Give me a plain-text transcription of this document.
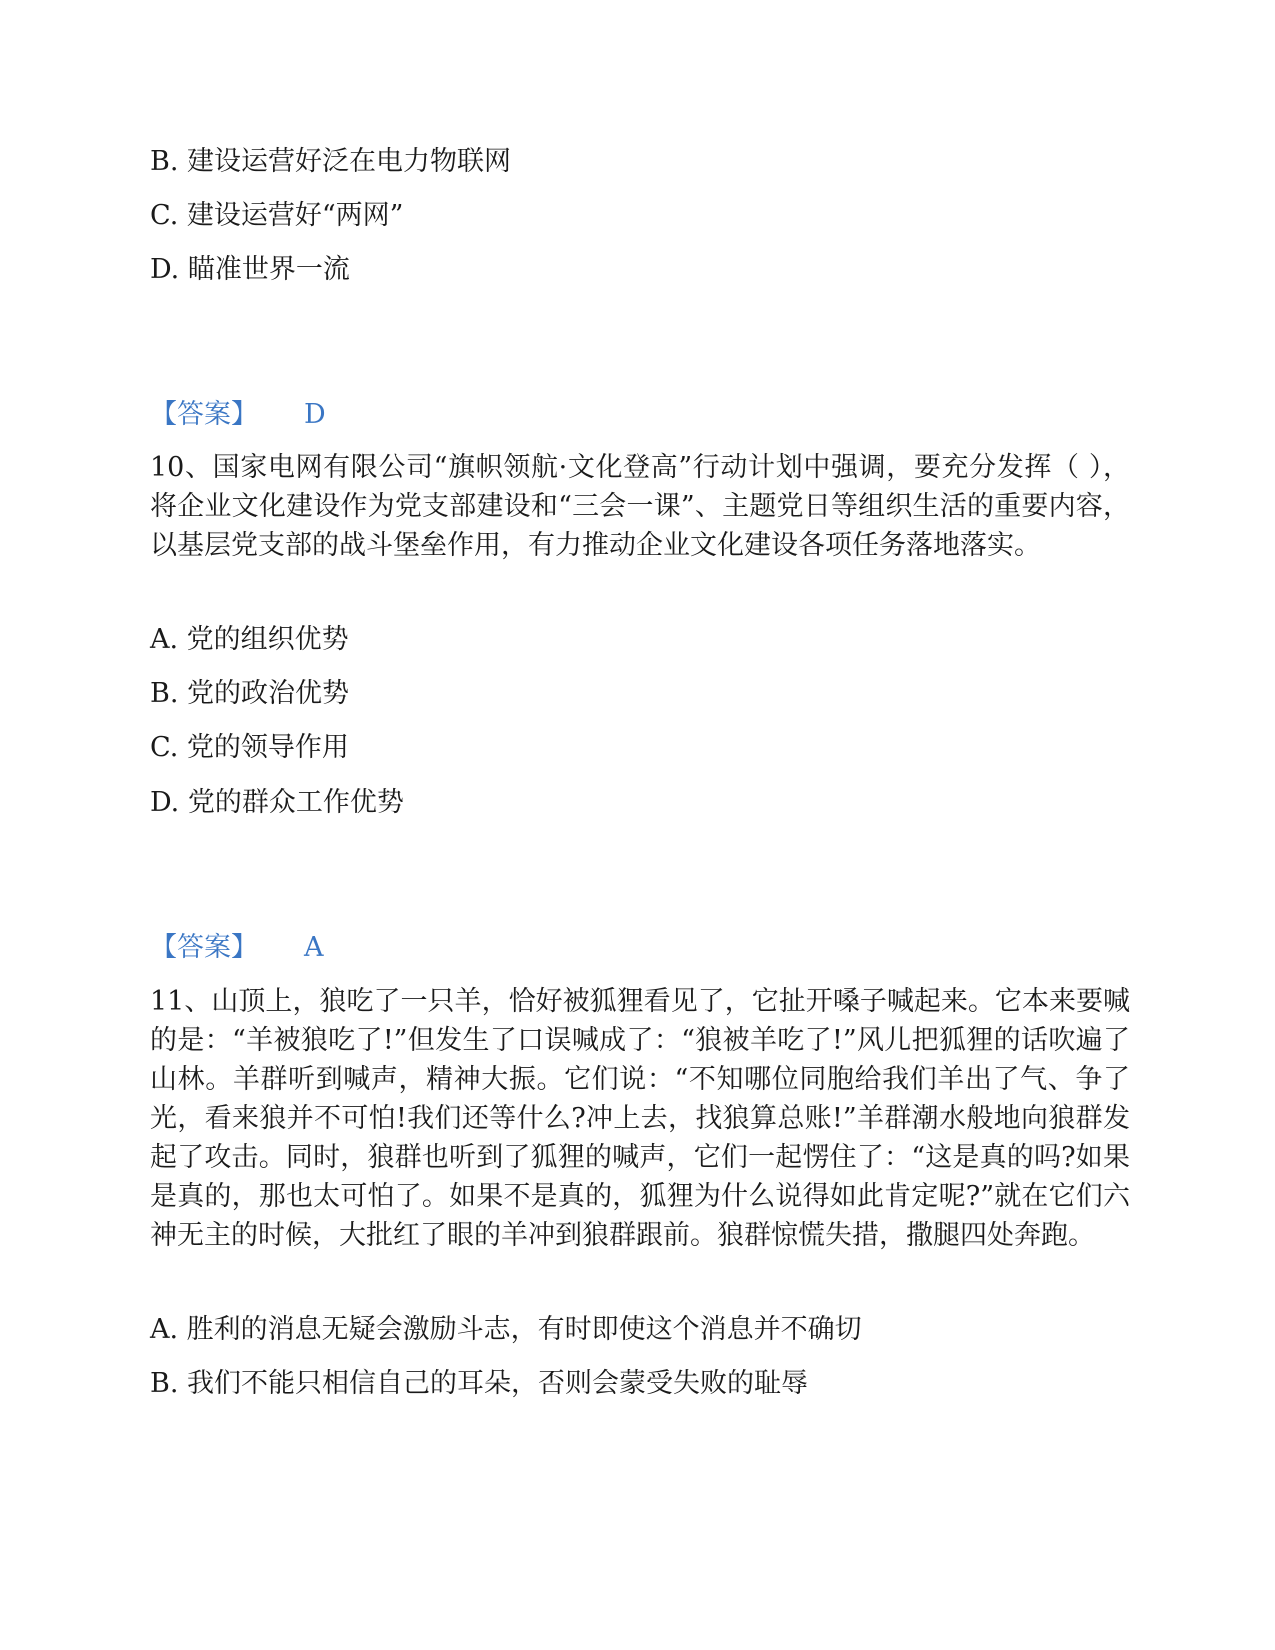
B. 建设运营好泛在电力物联网
C. 建设运营好“两网”
D. 瞄准世界一流
【答案】 D
10、国家电网有限公司“旗帜领航·文化登高”行动计划中强调，要充分发挥（ ），将企业文化建设作为党支部建设和“三会一课”、主题党日等组织生活的重要内容，以基层党支部的战斗堡垒作用，有力推动企业文化建设各项任务落地落实。
A. 党的组织优势
B. 党的政治优势
C. 党的领导作用
D. 党的群众工作优势
【答案】 A
11、山顶上，狼吃了一只羊，恰好被狐狸看见了，它扯开嗓子喊起来。它本来要喊的是：“羊被狼吃了!”但发生了口误喊成了：“狼被羊吃了!”风儿把狐狸的话吹遍了山林。羊群听到喊声，精神大振。它们说：“不知哪位同胞给我们羊出了气、争了光，看来狼并不可怕!我们还等什么?冲上去，找狼算总账!”羊群潮水般地向狼群发起了攻击。同时，狼群也听到了狐狸的喊声，它们一起愣住了：“这是真的吗?如果是真的，那也太可怕了。如果不是真的，狐狸为什么说得如此肯定呢?”就在它们六神无主的时候，大批红了眼的羊冲到狼群跟前。狼群惊慌失措，撒腿四处奔跑。
A. 胜利的消息无疑会激励斗志，有时即使这个消息并不确切
B. 我们不能只相信自己的耳朵，否则会蒙受失败的耻辱
